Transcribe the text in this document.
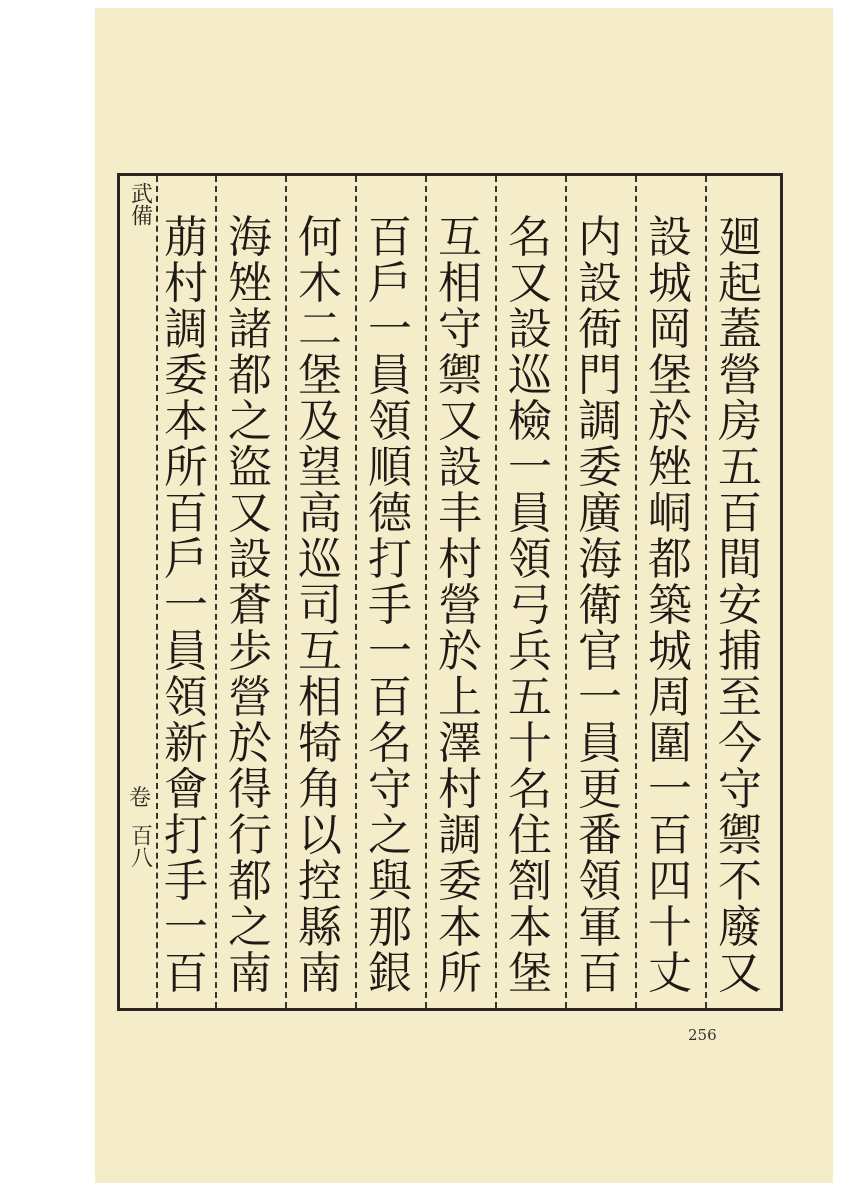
武備
卷
百八
廻
起
蓋
營
房
五
百
間
安
捕
至
今
守
禦
不
廢
又
設
城
岡
堡
於
矬
峒
都
築
城
周
圍
一
百
四
十
丈
内
設
衙
門
調
委
廣
海
衛
官
一
員
更
番
領
軍
百
名
又
設
巡
檢
一
員
領
弓
兵
五
十
名
住
劄
本
堡
互
相
守
禦
又
設
丰
村
營
於
上
澤
村
調
委
本
所
百
戶
一
員
領
順
德
打
手
一
百
名
守
之
與
那
銀
何
木
二
堡
及
望
高
巡
司
互
相
犄
角
以
控
縣
南
海
矬
諸
都
之
盜
又
設
蒼
歩
營
於
得
行
都
之
南
萠
村
調
委
本
所
百
戶
一
員
領
新
會
打
手
一
百
256
